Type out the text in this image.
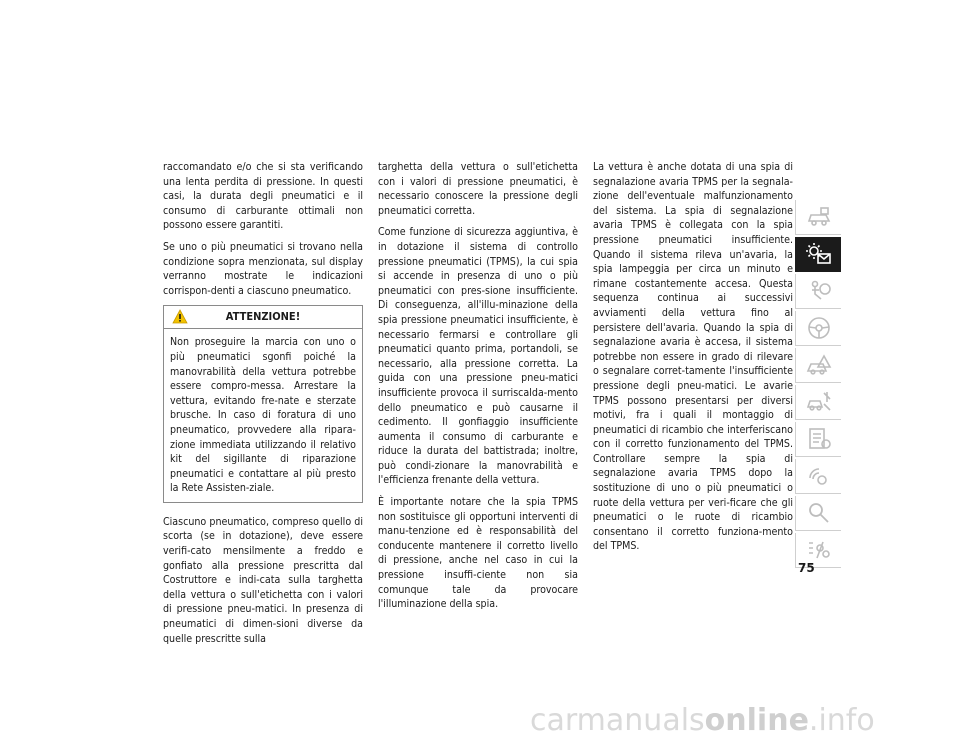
raccomandato e/o che si sta verificando una lenta perdita di pressione. In questi casi, la durata degli pneumatici e il consumo di carburante ottimali non possono essere garantiti.

Se uno o più pneumatici si trovano nella condizione sopra menzionata, sul display verranno mostrate le indicazioni corrispon-denti a ciascuno pneumatico.

ATTENZIONE!
Non proseguire la marcia con uno o più pneumatici sgonfi poiché la manovrabilità della vettura potrebbe essere compro-messa. Arrestare la vettura, evitando fre-nate e sterzate brusche. In caso di foratura di uno pneumatico, provvedere alla ripara-zione immediata utilizzando il relativo kit del sigillante di riparazione pneumatici e contattare al più presto la Rete Assisten-ziale.

Ciascuno pneumatico, compreso quello di scorta (se in dotazione), deve essere verifi-cato mensilmente a freddo e gonfiato alla pressione prescritta dal Costruttore e indi-cata sulla targhetta della vettura o sull'etichetta con i valori di pressione pneu-matici. In presenza di pneumatici di dimen-sioni diverse da quelle prescritte sulla

targhetta della vettura o sull'etichetta con i valori di pressione pneumatici, è necessario conoscere la pressione degli pneumatici corretta.

Come funzione di sicurezza aggiuntiva, è in dotazione il sistema di controllo pressione pneumatici (TPMS), la cui spia si accende in presenza di uno o più pneumatici con pres-sione insufficiente. Di conseguenza, all'illu-minazione della spia pressione pneumatici insufficiente, è necessario fermarsi e controllare gli pneumatici quanto prima, portandoli, se necessario, alla pressione corretta. La guida con una pressione pneu-matici insufficiente provoca il surriscalda-mento dello pneumatico e può causarne il cedimento. Il gonfiaggio insufficiente aumenta il consumo di carburante e riduce la durata del battistrada; inoltre, può condi-zionare la manovrabilità e l'efficienza frenante della vettura.

È importante notare che la spia TPMS non sostituisce gli opportuni interventi di manu-tenzione ed è responsabilità del conducente mantenere il corretto livello di pressione, anche nel caso in cui la pressione insuffi-ciente non sia comunque tale da provocare l'illuminazione della spia.

La vettura è anche dotata di una spia di segnalazione avaria TPMS per la segnala-zione dell'eventuale malfunzionamento del sistema. La spia di segnalazione avaria TPMS è collegata con la spia pressione pneumatici insufficiente. Quando il sistema rileva un'avaria, la spia lampeggia per circa un minuto e rimane costantemente accesa. Questa sequenza continua ai successivi avviamenti della vettura fino al persistere dell'avaria. Quando la spia di segnalazione avaria è accesa, il sistema potrebbe non essere in grado di rilevare o segnalare corret-tamente l'insufficiente pressione degli pneu-matici. Le avarie TPMS possono presentarsi per diversi motivi, fra i quali il montaggio di pneumatici di ricambio che interferiscano con il corretto funzionamento del TPMS. Controllare sempre la spia di segnalazione avaria TPMS dopo la sostituzione di uno o più pneumatici o ruote della vettura per veri-ficare che gli pneumatici o le ruote di ricambio consentano il corretto funziona-mento del TPMS.

75
carmanualsonline.info
